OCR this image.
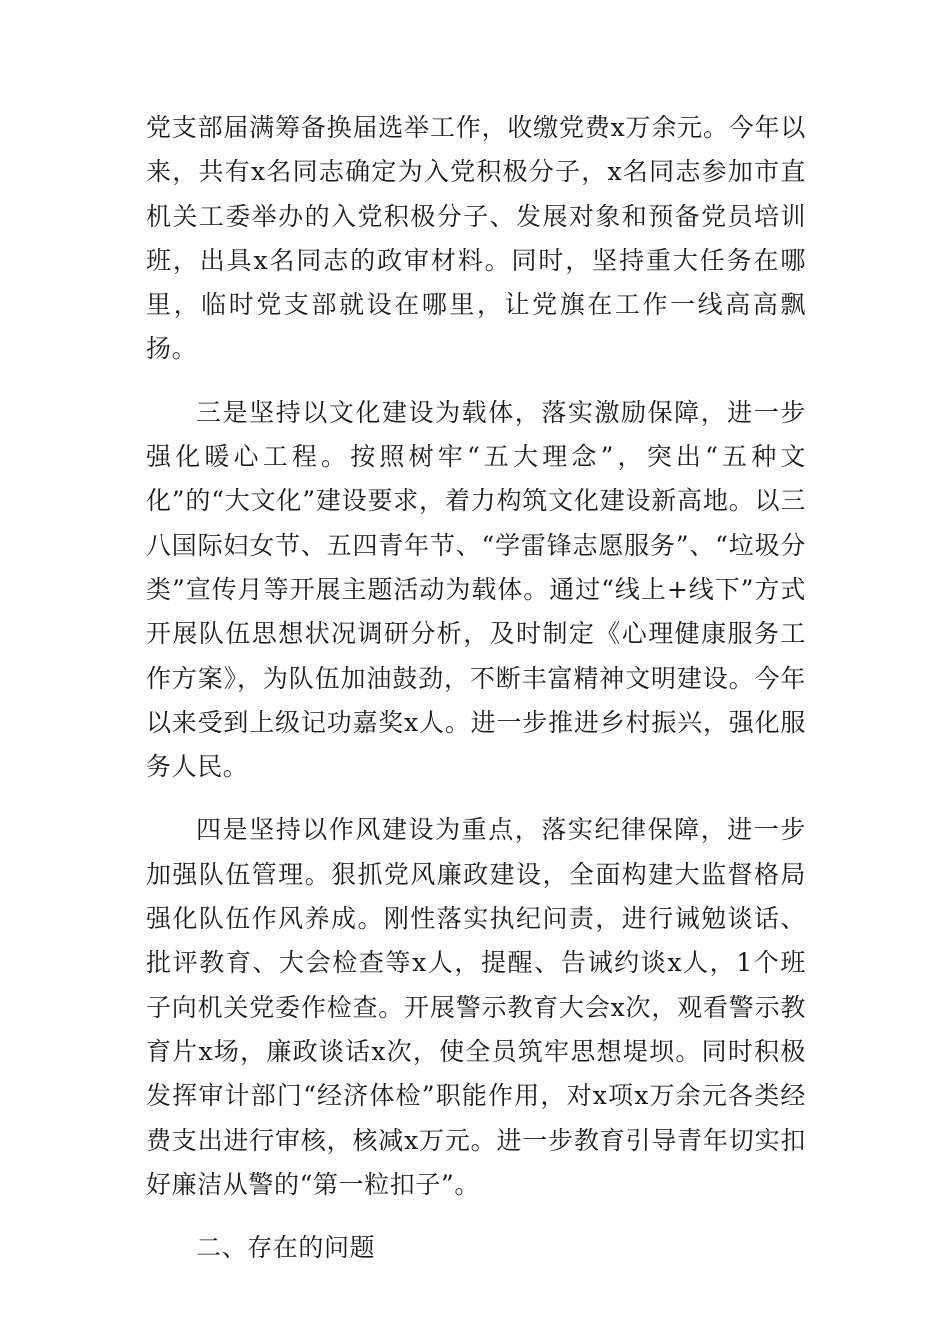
党支部届满筹备换届选举工作，收缴党费x万余元。今年以来，共有x名同志确定为入党积极分子，x名同志参加市直机关工委举办的入党积极分子、发展对象和预备党员培训班，出具x名同志的政审材料。同时，坚持重大任务在哪里，临时党支部就设在哪里，让党旗在工作一线高高飘扬。

三是坚持以文化建设为载体，落实激励保障，进一步强化暖心工程。按照树牢“五大理念”，突出“五种文化”的“大文化”建设要求，着力构筑文化建设新高地。以三八国际妇女节、五四青年节、“学雷锋志愿服务”、“垃圾分类”宣传月等开展主题活动为载体。通过“线上+线下”方式开展队伍思想状况调研分析，及时制定《心理健康服务工作方案》，为队伍加油鼓劲，不断丰富精神文明建设。今年以来受到上级记功嘉奖x人。进一步推进乡村振兴，强化服务人民。

四是坚持以作风建设为重点，落实纪律保障，进一步加强队伍管理。狠抓党风廉政建设，全面构建大监督格局强化队伍作风养成。刚性落实执纪问责，进行诫勉谈话、批评教育、大会检查等x人，提醒、告诫约谈x人，1个班子向机关党委作检查。开展警示教育大会x次，观看警示教育片x场，廉政谈话x次，使全员筑牢思想堤坝。同时积极发挥审计部门“经济体检”职能作用，对x项x万余元各类经费支出进行审核，核减x万元。进一步教育引导青年切实扣好廉洁从警的“第一粒扣子”。

二、存在的问题
